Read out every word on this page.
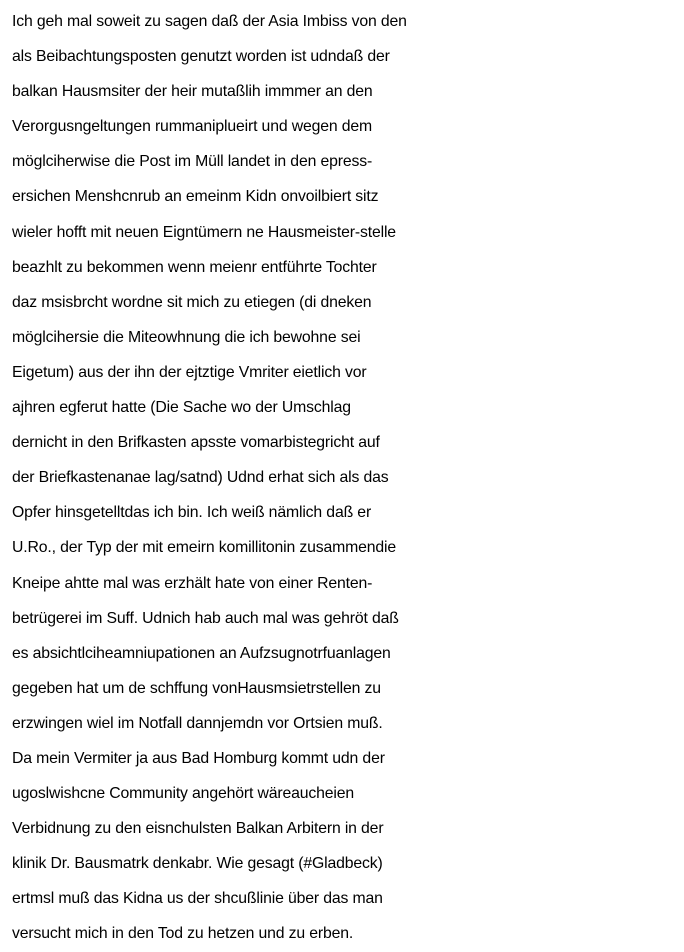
Ich geh mal soweit zu sagen daß der Asia Imbiss von den
als Beibachtungsposten genutzt worden ist udndaß der
balkan Hausmsiter der heir mutaßlih immmer an den
Verorgusngeltungen rummaniplueirt und wegen dem
möglciherwise die Post im Müll landet in den epress-
ersichen Menshcnrub an emeinm Kidn onvoilbiert sitz
wieler hofft mit neuen Eigntümern ne Hausmeister-stelle
beazhlt zu bekommen wenn meienr entführte Tochter
daz msisbrcht wordne sit mich zu etiegen (di dneken
möglcihersie die Miteowhnung die ich bewohne sei
Eigetum) aus der ihn der ejtztige Vmriter eietlich vor
ajhren egferut hatte (Die Sache wo der Umschlag
dernicht in den Brifkasten apsste vomarbistegricht auf
der Briefkastenanae lag/satnd) Udnd erhat sich als das
Opfer hinsgetelltdas ich bin. Ich weiß nämlich daß er
U.Ro., der Typ der mit emeirn komillitonin zusammendie
Kneipe ahtte mal was erzhält hate von einer Renten-
betrügerei im Suff. Udnich hab auch mal was gehröt daß
es absichtlciheamniupationen an Aufzsugnotrfuanlagen
gegeben hat um de schffung vonHausmsietrstellen zu
erzwingen wiel im Notfall dannjemdn vor Ortsien muß.
Da mein Vermiter ja aus Bad Homburg kommt udn der
ugoslwishcne Community angehört wäreaucheien
Verbidnung zu den eisnchulsten Balkan Arbitern in der
klinik Dr. Bausmatrk denkabr. Wie gesagt (#Gladbeck)
ertmsl muß das Kidna us der shcußlinie über das man
versucht mich in den Tod zu hetzen und zu erben.
